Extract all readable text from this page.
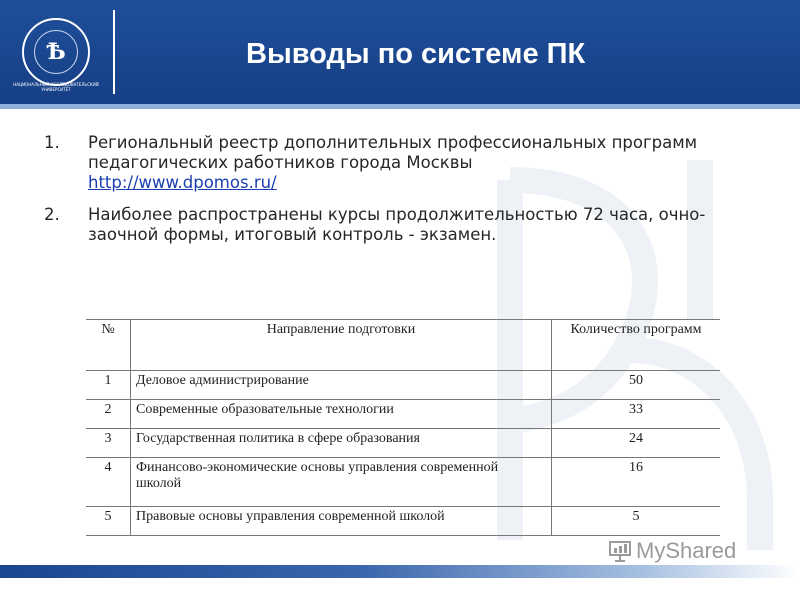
Ѣ
НАЦИОНАЛЬНЫЙ ИССЛЕДОВАТЕЛЬСКИЙ
УНИВЕРСИТЕТ
Выводы по системе ПК
1.	Региональный реестр дополнительных профессиональных программ педагогических работников города Москвы
http://www.dpomos.ru/
2.	Наиболее распространены курсы продолжительностью 72 часа, очно-заочной формы, итоговый контроль - экзамен.
№	Направление подготовки	Количество программ
1	Деловое администрирование	50
2	Современные образовательные технологии	33
3	Государственная политика в сфере образования	24
4	Финансово-экономические основы управления современной школой	16
5	Правовые основы управления современной школой	5
MyShared
